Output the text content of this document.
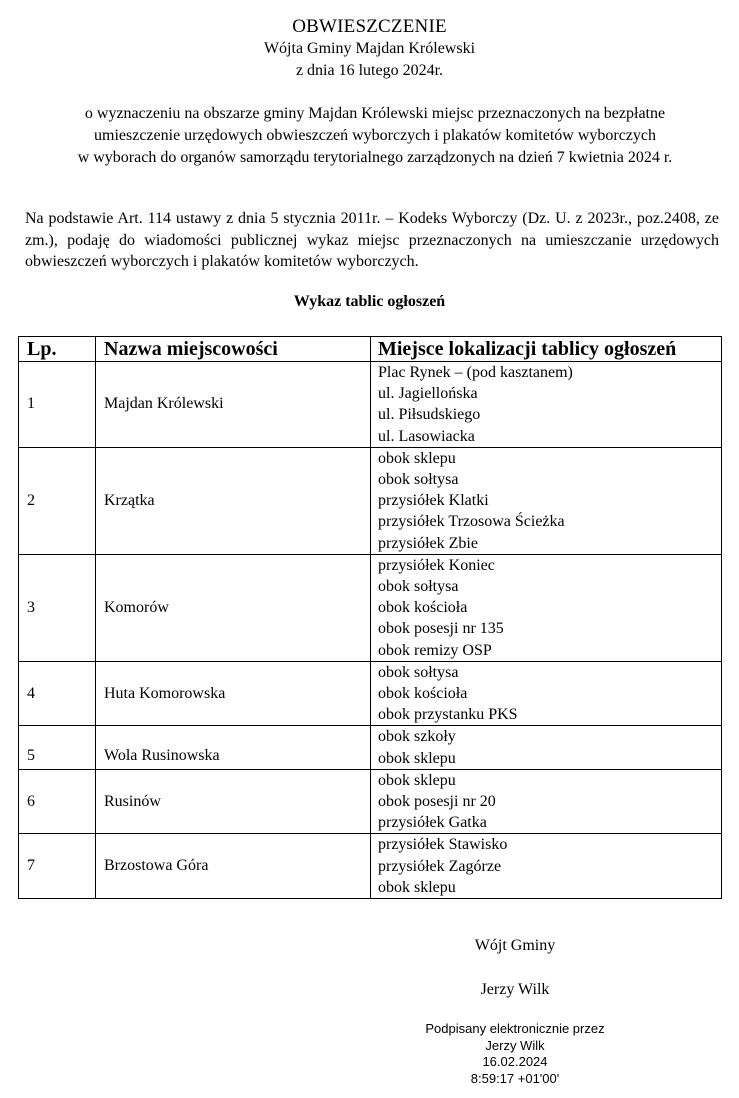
OBWIESZCZENIE
Wójta Gminy Majdan Królewski
z dnia 16 lutego 2024r.
o wyznaczeniu na obszarze gminy Majdan Królewski miejsc przeznaczonych na bezpłatne
umieszczenie urzędowych obwieszczeń wyborczych i plakatów komitetów wyborczych
w wyborach do organów samorządu terytorialnego zarządzonych na dzień 7 kwietnia 2024 r.
Na podstawie Art. 114 ustawy z dnia 5 stycznia 2011r. – Kodeks Wyborczy (Dz. U. z 2023r., poz.2408, ze zm.), podaję do wiadomości publicznej wykaz miejsc przeznaczonych na umieszczanie urzędowych obwieszczeń wyborczych i plakatów komitetów wyborczych.
Wykaz tablic ogłoszeń
Lp.	Nazwa miejscowości	Miejsce lokalizacji tablicy ogłoszeń
1	Majdan Królewski	Plac Rynek – (pod kasztanem)
ul. Jagiellońska
ul. Piłsudskiego
ul. Lasowiacka

2	Krzątka	obok sklepu
obok sołtysa
przysiółek Klatki
przysiółek Trzosowa Ścieżka
przysiółek Zbie

3	Komorów	przysiółek Koniec
obok sołtysa
obok kościoła
obok posesji nr 135
obok remizy OSP

4	Huta Komorowska	obok sołtysa
obok kościoła
obok przystanku PKS

5	Wola Rusinowska	obok szkoły
obok sklepu

6	Rusinów	obok sklepu
obok posesji nr 20
przysiółek Gatka

7	Brzostowa Góra	przysiółek Stawisko
przysiółek Zagórze
obok sklepu
Wójt Gminy
Jerzy Wilk
Podpisany elektronicznie przez
Jerzy Wilk
16.02.2024
8:59:17 +01'00'
